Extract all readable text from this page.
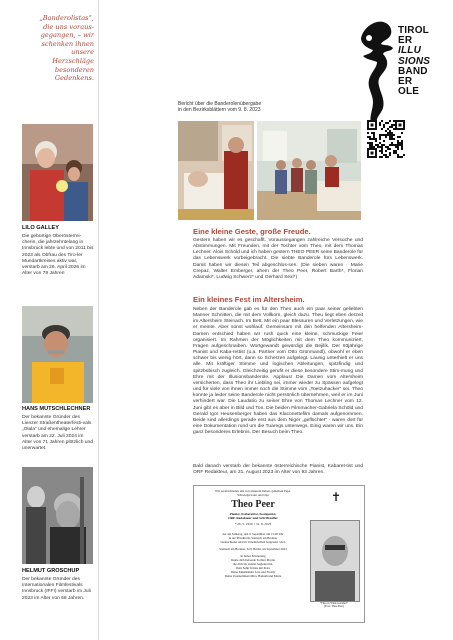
„Banderolistas“,
die uns voraus-
gegangen, – wir
schenken ihnen
unsere
Herzschläge
besonderen
Gedenkens.
TIROL
ER
ILLU
SIONS
BAND
ER
OLE
Bericht über die Banderolenübergabe
in den Bezirksblättern vom 9. 8. 2023
LILO GALLEY
Die gebürtige Oberösterrei-cherin, die jahrzehntelang in Innsbruck lebte und von 2011 bis 2023 als Obfrau des Tiro-ler Mundartkreises aktiv war, verstarb am 26. April 2026 im Alter von 79 Jahren
HANS MUTSCHLECHNER
Der bekannte Gründer des Lienzer Straßentheaterfesti-vals „Olala“ und ehemalige Lehrer verstarb am 22. Juli 2024 im Alter von 71 Jahren plötzlich und unerwartet.
HELMUT GROSCHUP
Der bekannte Gründer des Internationalen Filmfestivals Innsbruck (IFFI) verstarb im Juli 2023 im Alter von 68 Jahren.
Eine kleine Geste, große Freude.
Gestern haben wir es geschafft. Voraussegangen zahlreiche Versuche und Abstimmungen. Mit Freunden, mit der Tochter vom Theo, mit dem Thomas Lechner. Alois Schöld und ich haben gestern THEO PEER seine Banderole für das Lebenswerk vorbeigebracht. Die siebte Banderole fürs Lebenswerk. Damit haben wir diesen Teil abgeschlos-sen. (Die sieben waren · Marie Crepaz, Walter Emberger, ahem der Theo Peer, Robert Barth*, Florian Adamski*, Ludwig Schwerz* und Gerhard Sexl*)
Ein kleines Fest im Altersheim.
Neben der Banderole gab es für den Theo auch ein paar seiner geliebten Manner Schnitten, die mit dem Vollkorn, gleich dazu. Theu liegt eben derzeit im Altersheim Steinach. Im Bett. Mit ein paar Blessuren und Verletzungen, wie er meinte. Aber sonst wohlauf. Gemeinsam mit den helfenden Altersheim-Damen entschied haben wir rush quick eine kleine, schmuckige Feier organisiert. Im Rahmen der Möglichkeiten mit dem Theo kommuniziert, Fragen aufgeschnaiben. Wortgewandt gewürdigt die Bejilik. Der 93jährige Pianist und Kaba-rettist (u.a. Partner vom Otto Grünmandl), obwohl er eben schwer bis wenig hört, dann so Scherzen aufgelegt. Launig unterhielt er uns alle. Mit kräftiger Stimme und logischen Ableitungen, spitzfindig und spitzbübisch zugleich. Gleichzeitig gerufit er diese besondere Stim-mung und Ehre mit der Illusionsbanderole. Applaus! Die Damen vom Altersheim versicherten, dass Theo ihr Liebling sei, immer wieder zu Spässen aufgelegt und für viele von ihnen immer noch die Stimme vom „Toetzuhacker“ sei. Theo konnte ja leider seine Banderole nicht persönlich übernehmen, weil er im Juni verhindert war. Die Laudatio zu seiner Ehre von Thomas Lechner vom 12. Juni gibt es aber in Bild und Ton. Die beiden Filmmacher-Gabriela Schöld und Gerald Igor Heusenberger haben das Klaconettefilm damals aufgenommen. Beide sind allerdings gerade erst aus dem Niger „geflüchtet“ · waren dort für eine Dokumentation rund um die Tuaregs unterwegs. Einig waren wir uns. Ein ganz besonderes Erlebnis. Der Besuch beim Theo.
Bald danach verstarb der bekannte österreichische Pianist, Kabaret-tist und ORF Redakteur, am 31. August 2023 im Alter von 93 Jahren.
Wir verabschieden uns von unserem lieben, geliebten Papa,
Schwiegervater und Opa
Theo Peer
Pianist, Kabarettist, Komponist,
ORF-Redakteur und Schriftsteller
* 26. 5. 1930 † 31. 8. 2023
der am Samstag, den 9. September um 15.00 Uhr
in der Pfarrkirche Steinach am Brenner
verabschiedet und im Urnenfriedhof beigesetzt wird.
Steinach am Brenner, Zell, Berlin, im September 2023
In lieber Erinnerung
Deine dich liebende Tochter Marita
die dich bis zuletzt begleitet hat,
Dein Sohn Tobias mit Petra
Deine Enkelkinder Lara und Freddy
Deine Urenkelinnen Mira, Hannah und Marie
✝
"Theo in Wien-Gersthof"
(Foto: Theo Peer)
